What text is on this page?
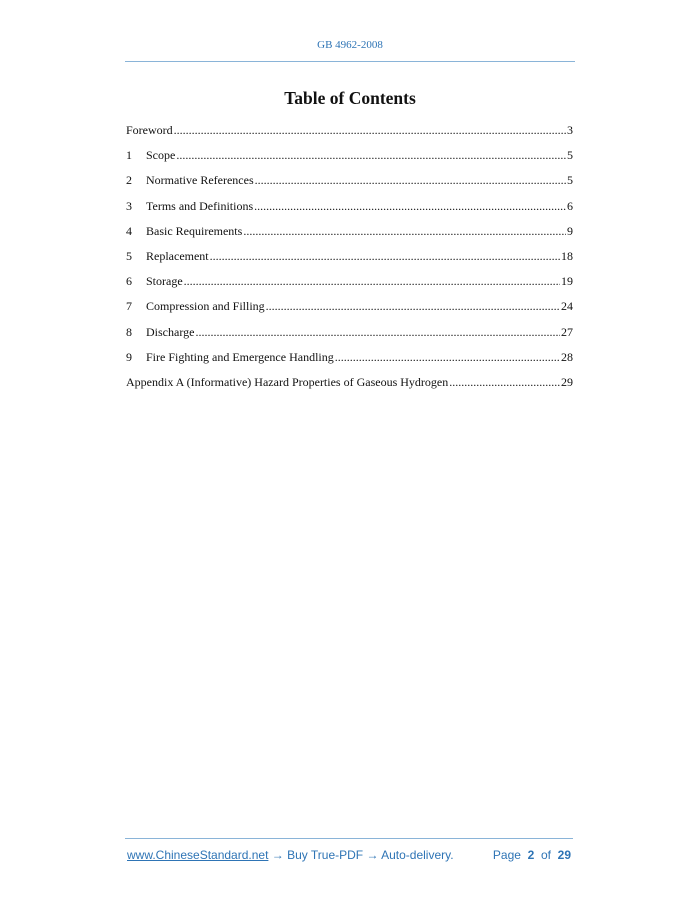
GB 4962-2008
Table of Contents
Foreword .....	3
1	Scope .....	5
2	Normative References .....	5
3	Terms and Definitions .....	6
4	Basic Requirements .....	9
5	Replacement .....	18
6	Storage .....	19
7	Compression and Filling .....	24
8	Discharge .....	27
9	Fire Fighting and Emergence Handling .....	28
Appendix A (Informative) Hazard Properties of Gaseous Hydrogen .....	29
www.ChineseStandard.net → Buy True-PDF → Auto-delivery.	Page 2 of 29
